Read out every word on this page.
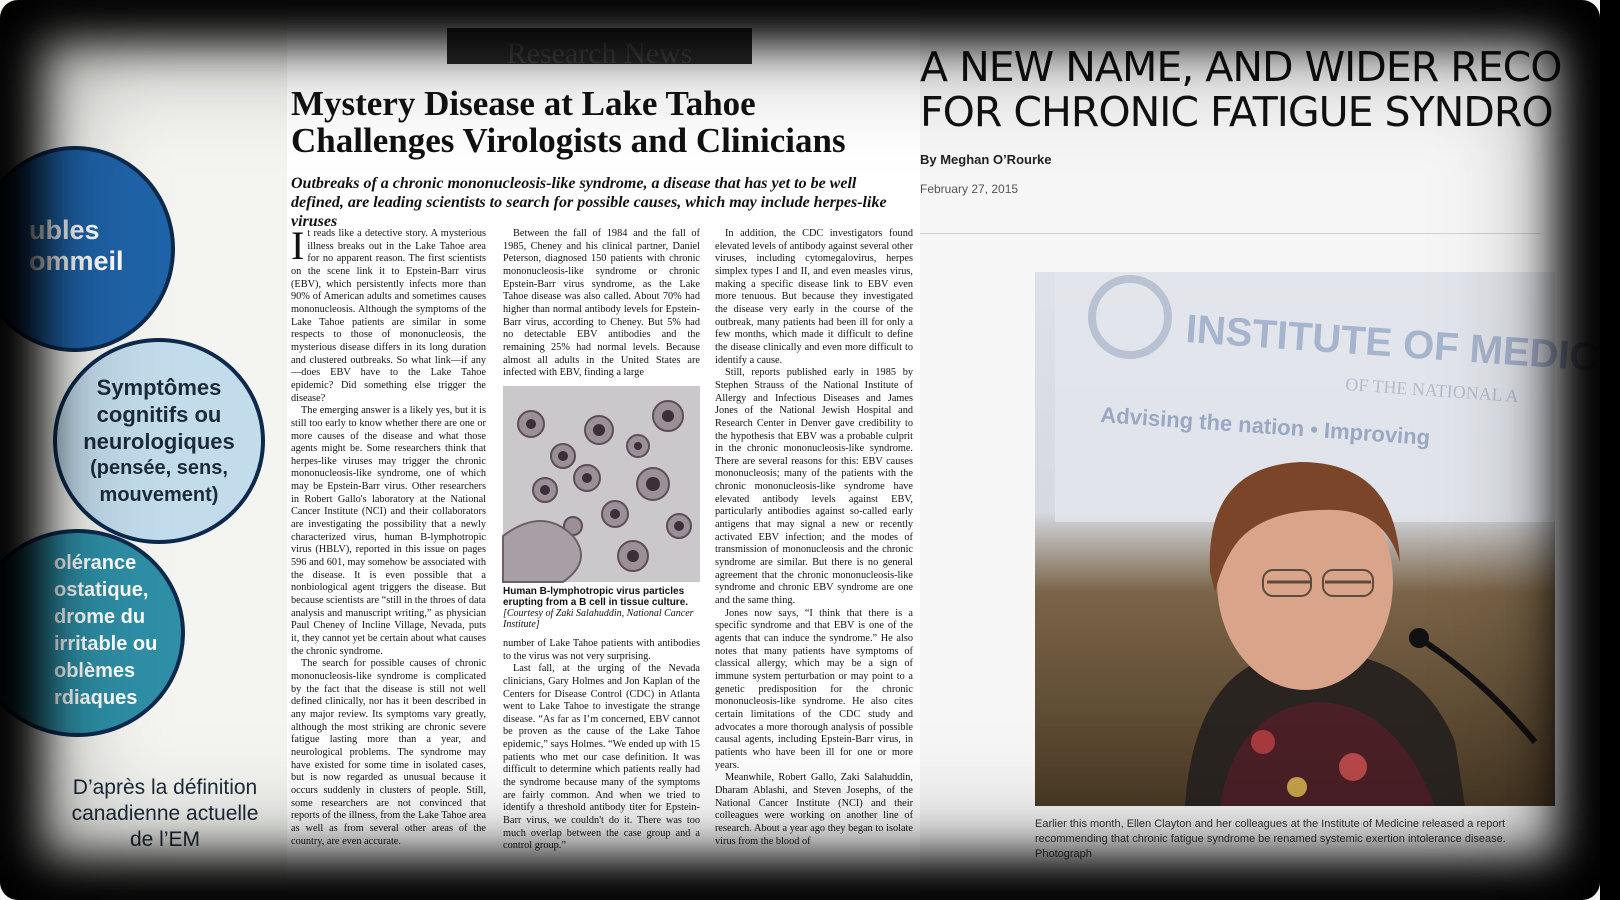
ubles
ommeil
Symptômes
cognitifs ou
neurologiques
(pensée, sens,
mouvement)
olérance
ostatique,
drome du
irritable ou
oblèmes
rdiaques
D’après la définition
canadienne actuelle
de l’EM
Research News
Mystery Disease at Lake Tahoe
Challenges Virologists and Clinicians

Outbreaks of a chronic mononucleosis-like syndrome, a disease that has yet to be well defined, are leading scientists to search for possible causes, which may include herpes-like viruses

It reads like a detective story. A mysterious illness breaks out in the Lake Tahoe area for no apparent reason. The first scientists on the scene link it to Epstein-Barr virus (EBV), which persistently infects more than 90% of American adults and sometimes causes mononucleosis. Although the symptoms of the Lake Tahoe patients are similar in some respects to those of mononucleosis, the mysterious disease differs in its long duration and clustered outbreaks. So what link—if any—does EBV have to the Lake Tahoe epidemic? Did something else trigger the disease?

The emerging answer is a likely yes, but it is still too early to know whether there are one or more causes of the disease and what those agents might be. Some researchers think that herpes-like viruses may trigger the chronic mononucleosis-like syndrome, one of which may be Epstein-Barr virus. Other researchers in Robert Gallo's laboratory at the National Cancer Institute (NCI) and their collaborators are investigating the possibility that a newly characterized virus, human B-lymphotropic virus (HBLV), reported in this issue on pages 596 and 601, may somehow be associated with the disease. It is even possible that a nonbiological agent triggers the disease. But because scientists are “still in the throes of data analysis and manuscript writing,” as physician Paul Cheney of Incline Village, Nevada, puts it, they cannot yet be certain about what causes the chronic syndrome.

The search for possible causes of chronic mononucleosis-like syndrome is complicated by the fact that the disease is still not well defined clinically, nor has it been described in any major review. Its symptoms vary greatly, although the most striking are chronic severe fatigue lasting more than a year, and neurological problems. The syndrome may have existed for some time in isolated cases, but is now regarded as unusual because it occurs suddenly in clusters of people. Still, some researchers are not convinced that reports of the illness, from the Lake Tahoe area as well as from several other areas of the country, are even accurate.

Between the fall of 1984 and the fall of 1985, Cheney and his clinical partner, Daniel Peterson, diagnosed 150 patients with chronic mononucleosis-like syndrome or chronic Epstein-Barr virus syndrome, as the Lake Tahoe disease was also called. About 70% had higher than normal antibody levels for Epstein-Barr virus, according to Cheney. But 5% had no detectable EBV antibodies and the remaining 25% had normal levels. Because almost all adults in the United States are infected with EBV, finding a large

Human B-lymphotropic virus particles erupting from a B cell in tissue culture. [Courtesy of Zaki Salahuddin, National Cancer Institute]

number of Lake Tahoe patients with antibodies to the virus was not very surprising.

Last fall, at the urging of the Nevada clinicians, Gary Holmes and Jon Kaplan of the Centers for Disease Control (CDC) in Atlanta went to Lake Tahoe to investigate the strange disease. “As far as I’m concerned, EBV cannot be proven as the cause of the Lake Tahoe epidemic,” says Holmes. “We ended up with 15 patients who met our case definition. It was difficult to determine which patients really had the syndrome because many of the symptoms are fairly common. And when we tried to identify a threshold antibody titer for Epstein-Barr virus, we couldn't do it. There was too much overlap between the case group and a control group.”

In addition, the CDC investigators found elevated levels of antibody against several other viruses, including cytomegalovirus, herpes simplex types I and II, and even measles virus, making a specific disease link to EBV even more tenuous. But because they investigated the disease very early in the course of the outbreak, many patients had been ill for only a few months, which made it difficult to define the disease clinically and even more difficult to identify a cause.

Still, reports published early in 1985 by Stephen Strauss of the National Institute of Allergy and Infectious Diseases and James Jones of the National Jewish Hospital and Research Center in Denver gave credibility to the hypothesis that EBV was a probable culprit in the chronic mononucleosis-like syndrome. There are several reasons for this: EBV causes mononucleosis; many of the patients with the chronic mononucleosis-like syndrome have elevated antibody levels against EBV, particularly antibodies against so-called early antigens that may signal a new or recently activated EBV infection; and the modes of transmission of mononucleosis and the chronic syndrome are similar. But there is no general agreement that the chronic mononucleosis-like syndrome and chronic EBV syndrome are one and the same thing.

Jones now says, “I think that there is a specific syndrome and that EBV is one of the agents that can induce the syndrome.” He also notes that many patients have symptoms of classical allergy, which may be a sign of immune system perturbation or may point to a genetic predisposition for the chronic mononucleosis-like syndrome. He also cites certain limitations of the CDC study and advocates a more thorough analysis of possible causal agents, including Epstein-Barr virus, in patients who have been ill for one or more years.

Meanwhile, Robert Gallo, Zaki Salahuddin, Dharam Ablashi, and Steven Josephs, of the National Cancer Institute (NCI) and their colleagues were working on another line of research. About a year ago they began to isolate virus from the blood of

A NEW NAME, AND WIDER RECO
FOR CHRONIC FATIGUE SYNDRO
By Meghan O’Rourke
February 27, 2015
INSTITUTE OF MEDIC
OF THE NATIONAL A
Advising the nation • Improving
Earlier this month, Ellen Clayton and her colleagues at the Institute of Medicine released a report recommending that chronic fatigue syndrome be renamed systemic exertion intolerance disease. Photograph
